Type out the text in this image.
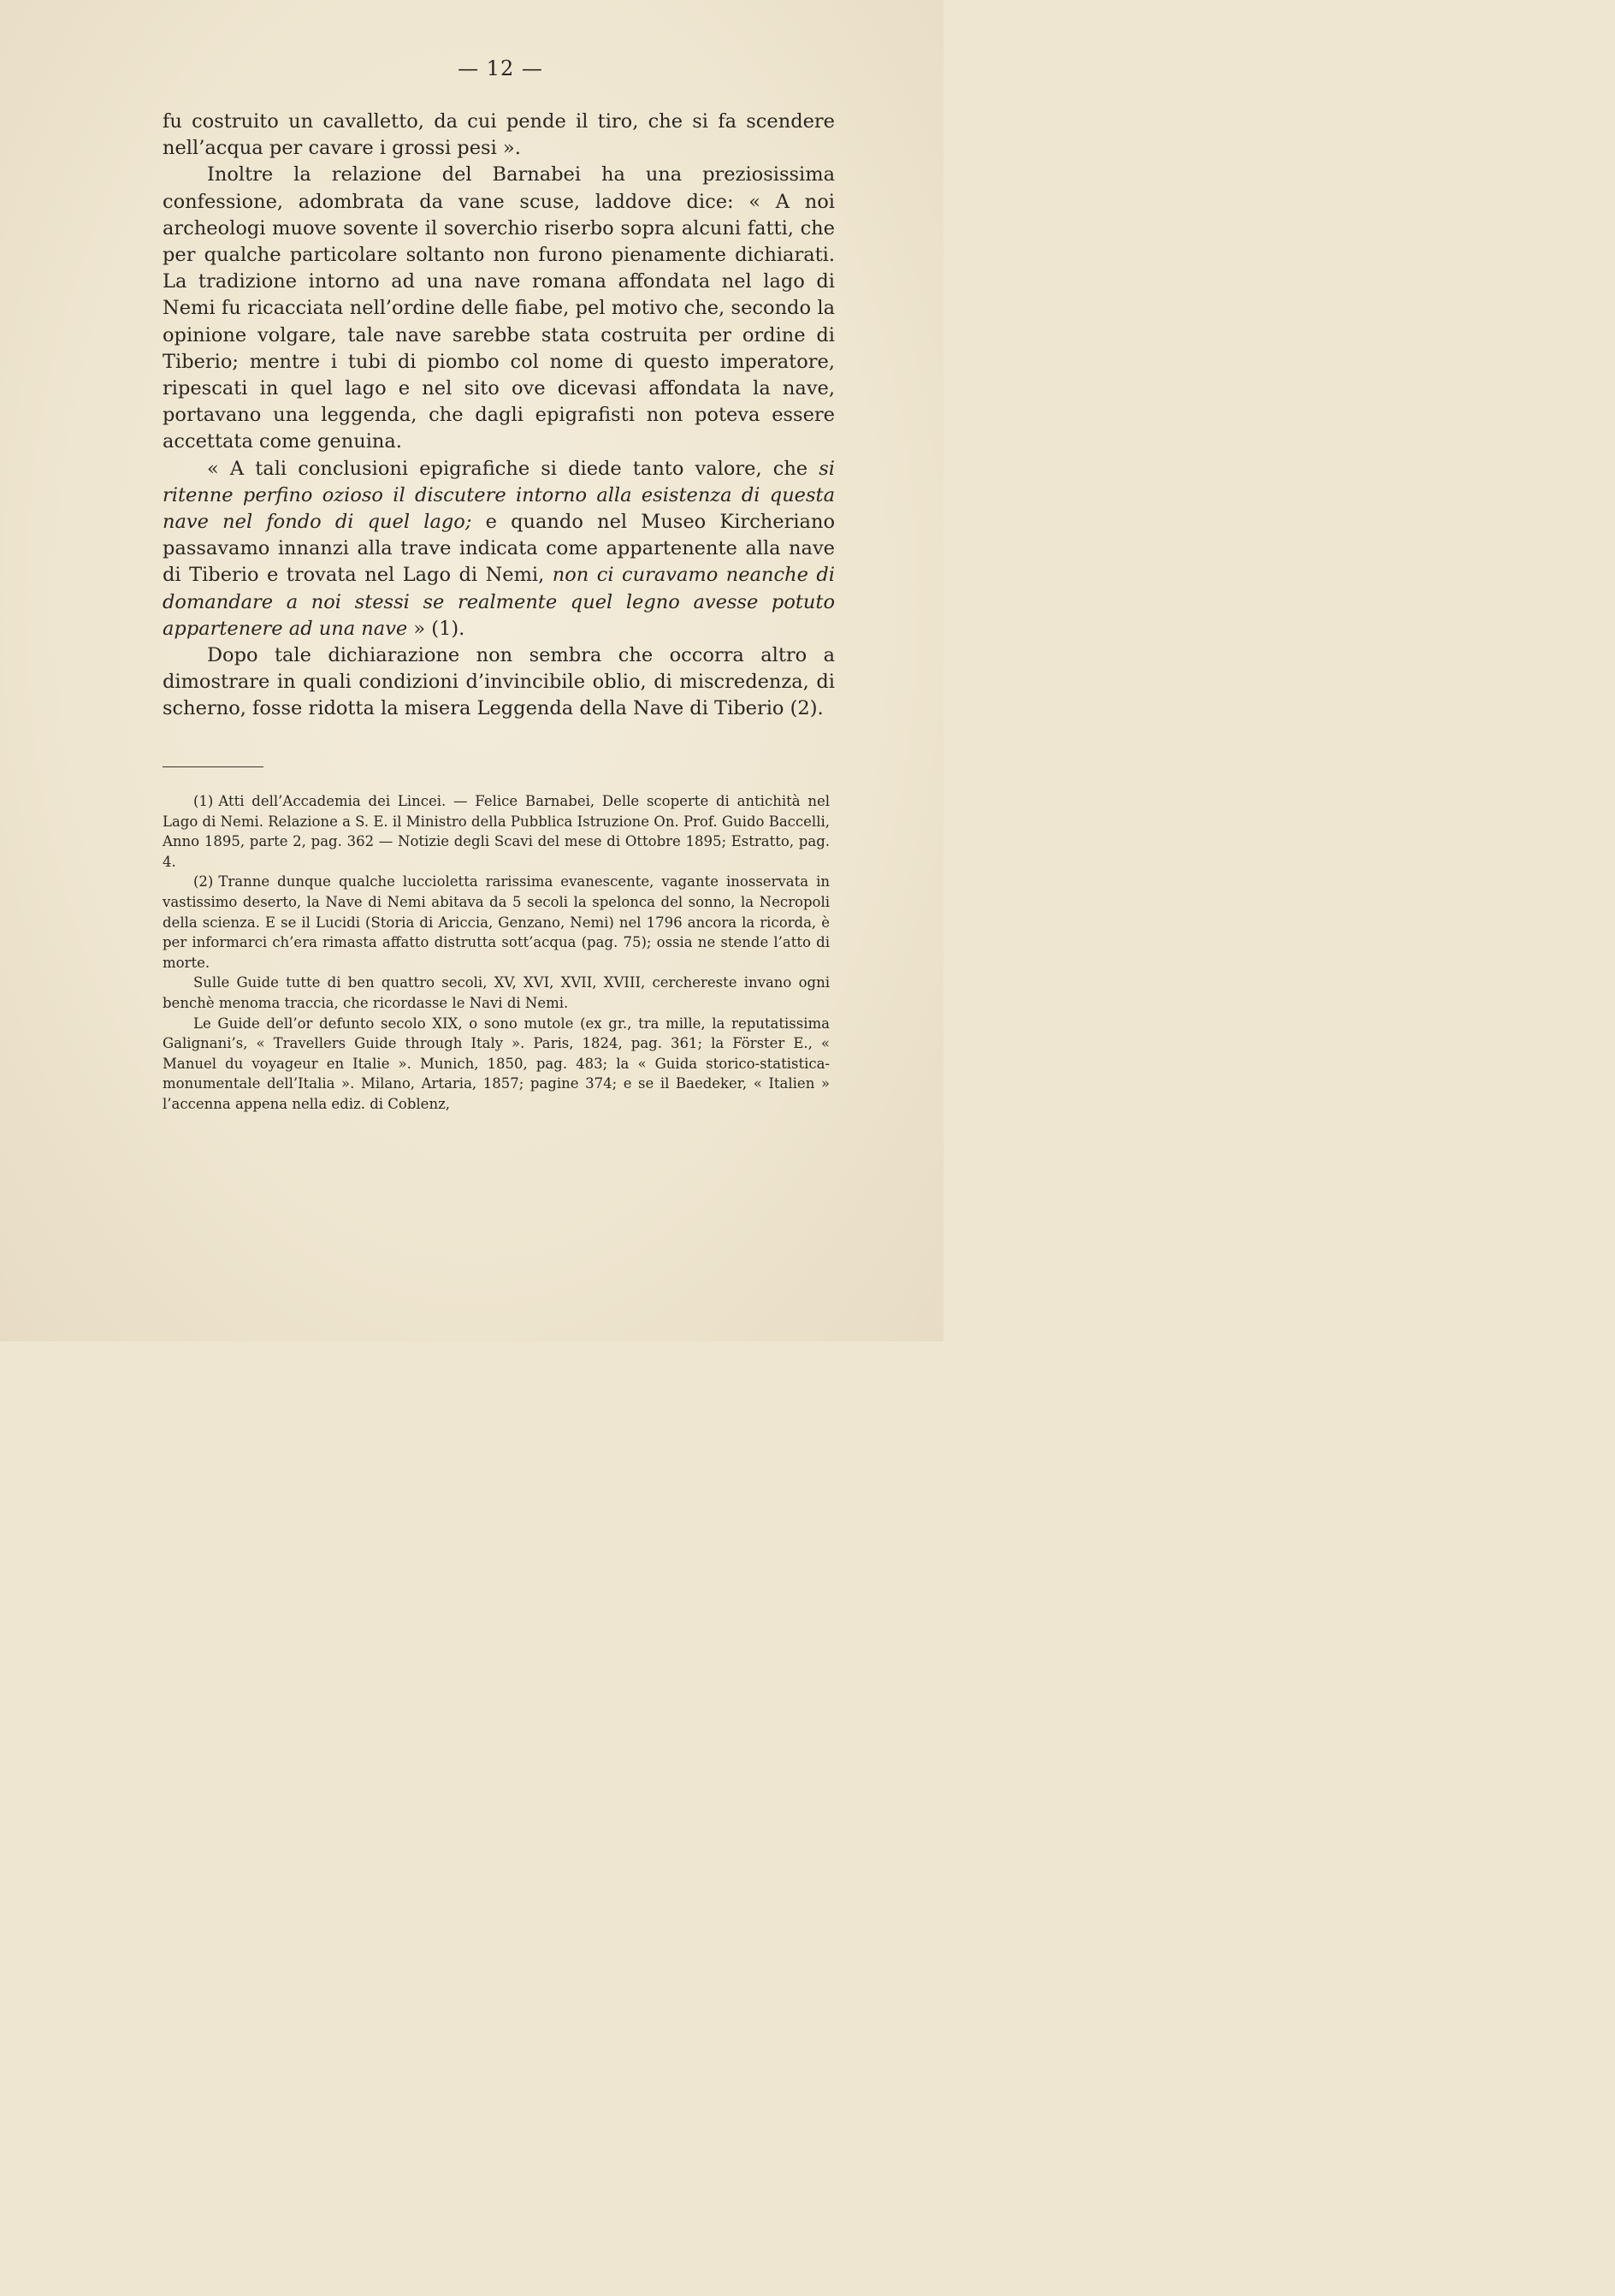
— 12 —

fu costruito un cavalletto, da cui pende il tiro, che si fa scendere nell’acqua per cavare i grossi pesi ».

Inoltre la relazione del Barnabei ha una preziosissima confessione, adombrata da vane scuse, laddove dice: « A noi archeologi muove sovente il soverchio riserbo sopra alcuni fatti, che per qualche particolare soltanto non furono pienamente dichiarati. La tradizione intorno ad una nave romana affondata nel lago di Nemi fu ricacciata nell’ordine delle fiabe, pel motivo che, secondo la opinione volgare, tale nave sarebbe stata costruita per ordine di Tiberio; mentre i tubi di piombo col nome di questo imperatore, ripescati in quel lago e nel sito ove dicevasi affondata la nave, portavano una leggenda, che dagli epigrafisti non poteva essere accettata come genuina.

« A tali conclusioni epigrafiche si diede tanto valore, che si ritenne perfino ozioso il discutere intorno alla esistenza di questa nave nel fondo di quel lago; e quando nel Museo Kircheriano passavamo innanzi alla trave indicata come appartenente alla nave di Tiberio e trovata nel Lago di Nemi, non ci curavamo neanche di domandare a noi stessi se realmente quel legno avesse potuto appartenere ad una nave » (1).

Dopo tale dichiarazione non sembra che occorra altro a dimostrare in quali condizioni d’invincibile oblio, di miscredenza, di scherno, fosse ridotta la misera Leggenda della Nave di Tiberio (2).

(1) Atti dell’Accademia dei Lincei. — Felice Barnabei, Delle scoperte di antichità nel Lago di Nemi. Relazione a S. E. il Ministro della Pubblica Istruzione On. Prof. Guido Baccelli, Anno 1895, parte 2, pag. 362 — Notizie degli Scavi del mese di Ottobre 1895; Estratto, pag. 4.

(2) Tranne dunque qualche luccioletta rarissima evanescente, vagante inosservata in vastissimo deserto, la Nave di Nemi abitava da 5 secoli la spelonca del sonno, la Necropoli della scienza. E se il Lucidi (Storia di Ariccia, Genzano, Nemi) nel 1796 ancora la ricorda, è per informarci ch’era rimasta affatto distrutta sott’acqua (pag. 75); ossia ne stende l’atto di morte.

Sulle Guide tutte di ben quattro secoli, XV, XVI, XVII, XVIII, cerchereste invano ogni benchè menoma traccia, che ricordasse le Navi di Nemi.

Le Guide dell’or defunto secolo XIX, o sono mutole (ex gr., tra mille, la reputatissima Galignani’s, « Travellers Guide through Italy ». Paris, 1824, pag. 361; la Förster E., « Manuel du voyageur en Italie ». Munich, 1850, pag. 483; la « Guida storico-statistica-monumentale dell’Italia ». Milano, Artaria, 1857; pagine 374; e se il Baedeker, « Italien » l’accenna appena nella ediz. di Coblenz,
